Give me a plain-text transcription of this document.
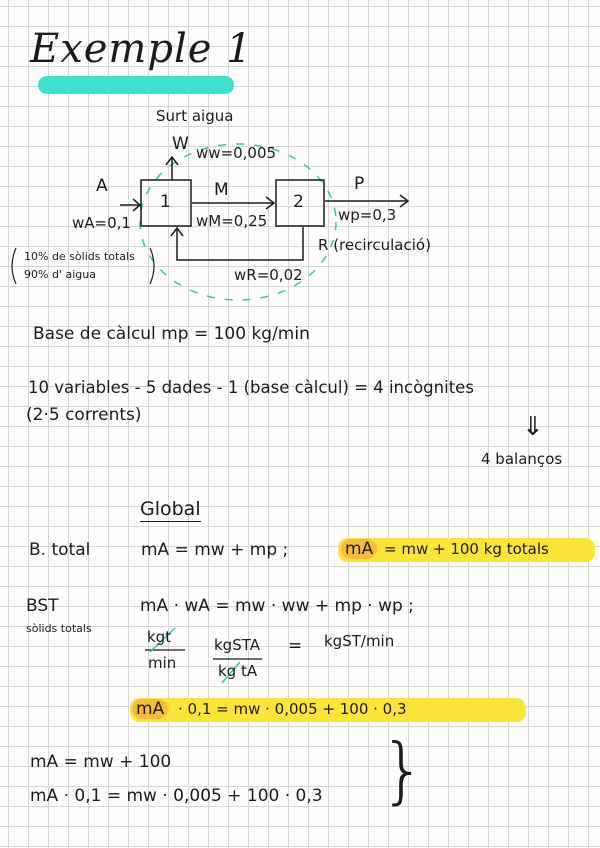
Exemple 1
Surt aigua
W ww=0,005
A
wA=0,1
1
M
wM=0,25
2
P
wp=0,3
R (recirculació)
wR=0,02
10% de sòlids totals
90% d' aigua
Base de càlcul mp = 100 kg/min
10 variables - 5 dades - 1 (base càlcul) = 4 incògnites
(2·5 corrents)	⇓
4 balanços
Global
B. total	mA = mw + mp ;	mA = mw + 100 kg totals
BST
sòlids totals
mA · wA = mw · ww + mp · wp ;
kgt
min
kgSTA
kg tA
= kgST/min
mA · 0,1 = mw · 0,005 + 100 · 0,3
mA = mw + 100
mA · 0,1 = mw · 0,005 + 100 · 0,3 }
